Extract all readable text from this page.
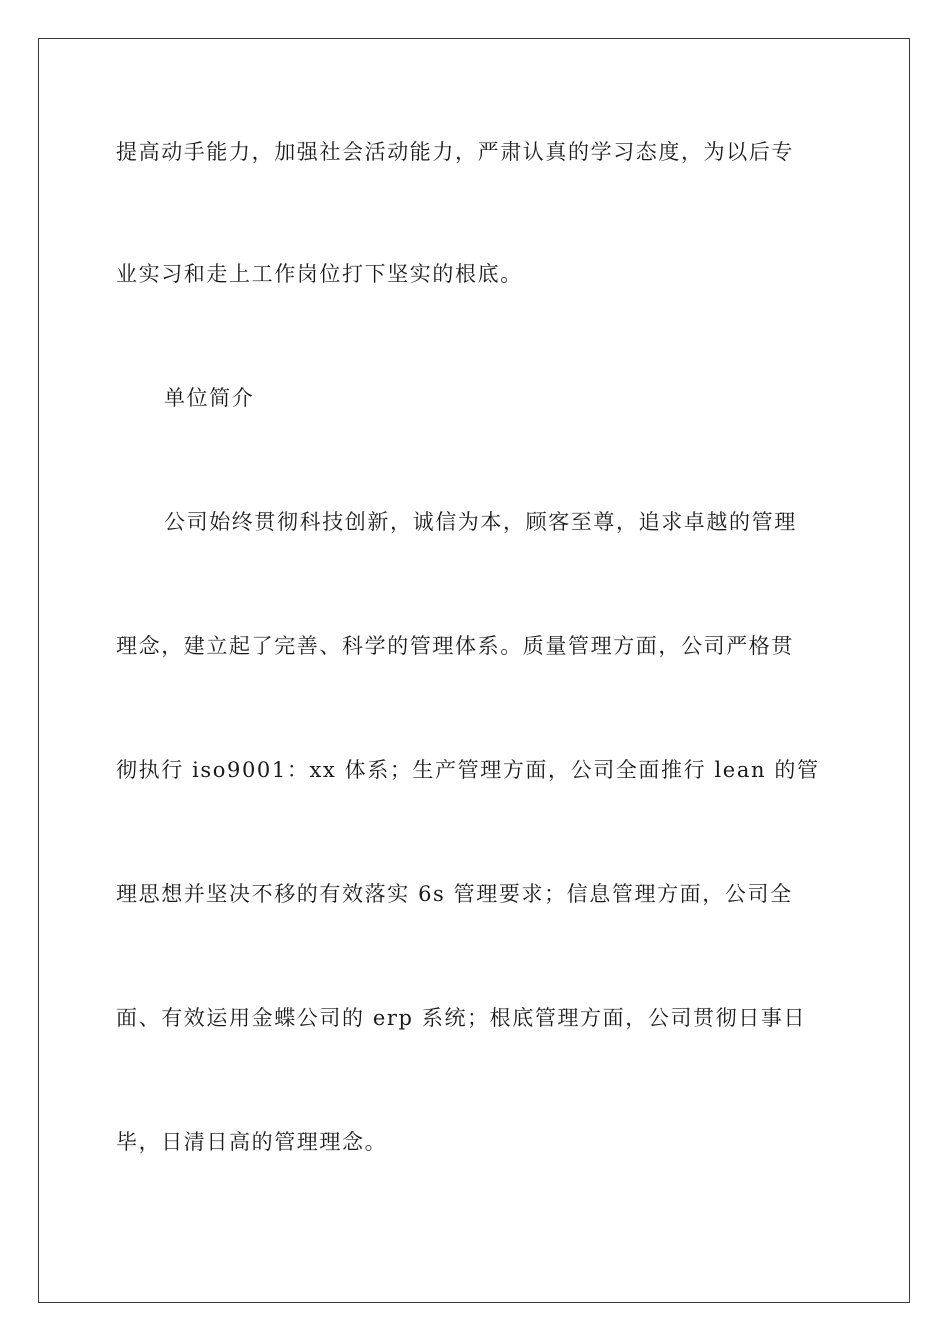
提高动手能力，加强社会活动能力，严肃认真的学习态度，为以后专
业实习和走上工作岗位打下坚实的根底。
单位简介
公司始终贯彻科技创新，诚信为本，顾客至尊，追求卓越的管理
理念，建立起了完善、科学的管理体系。质量管理方面，公司严格贯
彻执行 iso9001：xx 体系；生产管理方面，公司全面推行 lean 的管
理思想并坚决不移的有效落实 6s 管理要求；信息管理方面，公司全
面、有效运用金蝶公司的 erp 系统；根底管理方面，公司贯彻日事日
毕，日清日高的管理理念。
